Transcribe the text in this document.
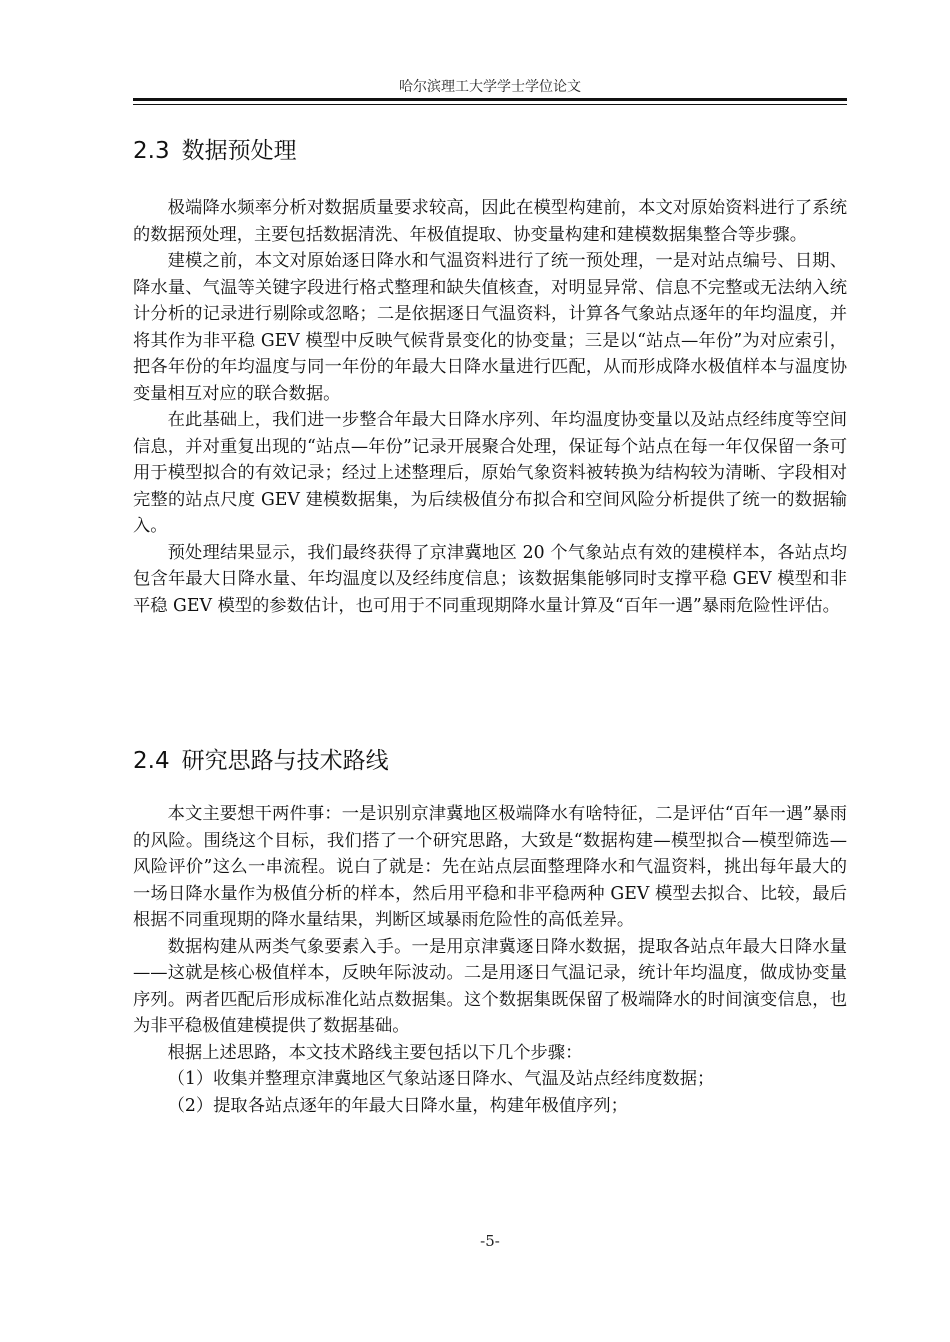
哈尔滨理工大学学士学位论文
2.3 数据预处理

极端降水频率分析对数据质量要求较高，因此在模型构建前，本文对原始资料进行了系统的数据预处理，主要包括数据清洗、年极值提取、协变量构建和建模数据集整合等步骤。

建模之前，本文对原始逐日降水和气温资料进行了统一预处理，一是对站点编号、日期、降水量、气温等关键字段进行格式整理和缺失值核查，对明显异常、信息不完整或无法纳入统计分析的记录进行剔除或忽略；二是依据逐日气温资料，计算各气象站点逐年的年均温度，并将其作为非平稳 GEV 模型中反映气候背景变化的协变量；三是以“站点—年份”为对应索引，把各年份的年均温度与同一年份的年最大日降水量进行匹配，从而形成降水极值样本与温度协变量相互对应的联合数据。

在此基础上，我们进一步整合年最大日降水序列、年均温度协变量以及站点经纬度等空间信息，并对重复出现的“站点—年份”记录开展聚合处理，保证每个站点在每一年仅保留一条可用于模型拟合的有效记录；经过上述整理后，原始气象资料被转换为结构较为清晰、字段相对完整的站点尺度 GEV 建模数据集，为后续极值分布拟合和空间风险分析提供了统一的数据输入。

预处理结果显示，我们最终获得了京津冀地区 20 个气象站点有效的建模样本，各站点均包含年最大日降水量、年均温度以及经纬度信息；该数据集能够同时支撑平稳 GEV 模型和非平稳 GEV 模型的参数估计，也可用于不同重现期降水量计算及“百年一遇”暴雨危险性评估。

2.4 研究思路与技术路线

本文主要想干两件事：一是识别京津冀地区极端降水有啥特征，二是评估“百年一遇”暴雨的风险。围绕这个目标，我们搭了一个研究思路，大致是“数据构建—模型拟合—模型筛选—风险评价”这么一串流程。说白了就是：先在站点层面整理降水和气温资料，挑出每年最大的一场日降水量作为极值分析的样本，然后用平稳和非平稳两种 GEV 模型去拟合、比较，最后根据不同重现期的降水量结果，判断区域暴雨危险性的高低差异。

数据构建从两类气象要素入手。一是用京津冀逐日降水数据，提取各站点年最大日降水量——这就是核心极值样本，反映年际波动。二是用逐日气温记录，统计年均温度，做成协变量序列。两者匹配后形成标准化站点数据集。这个数据集既保留了极端降水的时间演变信息，也为非平稳极值建模提供了数据基础。

根据上述思路，本文技术路线主要包括以下几个步骤：

（1）收集并整理京津冀地区气象站逐日降水、气温及站点经纬度数据；

（2）提取各站点逐年的年最大日降水量，构建年极值序列；

-5-
